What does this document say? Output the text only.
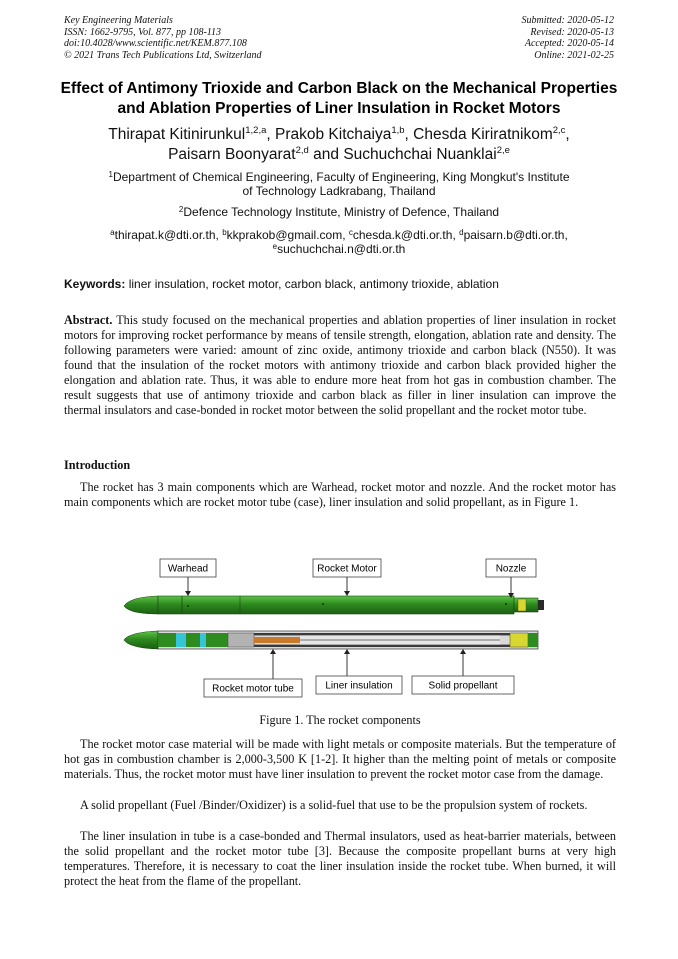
Key Engineering Materials
ISSN: 1662-9795, Vol. 877, pp 108-113
doi:10.4028/www.scientific.net/KEM.877.108
© 2021 Trans Tech Publications Ltd, Switzerland
Submitted: 2020-05-12
Revised: 2020-05-13
Accepted: 2020-05-14
Online: 2021-02-25
Effect of Antimony Trioxide and Carbon Black on the Mechanical Properties and Ablation Properties of Liner Insulation in Rocket Motors
Thirapat Kitinirunkul$^{1,2,a}$, Prakob Kitchaiya$^{1,b}$, Chesda Kiriratnikom$^{2,c}$,
Paisarn Boonyarat$^{2,d}$ and Suchuchchai Nuanklai$^{2,e}$
$^1$Department of Chemical Engineering, Faculty of Engineering, King Mongkut's Institute
of Technology Ladkrabang, Thailand
$^2$Defence Technology Institute, Ministry of Defence, Thailand
$^a$thirapat.k@dti.or.th, $^b$kkprakob@gmail.com, $^c$chesda.k@dti.or.th, $^d$paisarn.b@dti.or.th,
$^e$suchuchchai.n@dti.or.th
Keywords: liner insulation, rocket motor, carbon black, antimony trioxide, ablation

Abstract. This study focused on the mechanical properties and ablation properties of liner insulation in rocket motors for improving rocket performance by means of tensile strength, elongation, ablation rate and density. The following parameters were varied: amount of zinc oxide, antimony trioxide and carbon black (N550). It was found that the insulation of the rocket motors with antimony trioxide and carbon black provided higher the elongation and ablation rate. Thus, it was able to endure more heat from hot gas in combustion chamber. The result suggests that use of antimony trioxide and carbon black as filler in liner insulation can improve the thermal insulators and case-bonded in rocket motor between the solid propellant and the rocket motor tube.

Introduction

The rocket has 3 main components which are Warhead, rocket motor and nozzle. And the rocket motor has main components which are rocket motor tube (case), liner insulation and solid propellant, as in Figure 1.

Warhead	Rocket Motor	Nozzle
Rocket motor tube	Liner insulation	Solid propellant
Figure 1. The rocket components

The rocket motor case material will be made with light metals or composite materials. But the temperature of hot gas in combustion chamber is 2,000-3,500 K [1-2]. It higher than the melting point of metals or composite materials. Thus, the rocket motor must have liner insulation to prevent the rocket motor case from the damage.

A solid propellant (Fuel /Binder/Oxidizer) is a solid-fuel that use to be the propulsion system of rockets.

The liner insulation in tube is a case-bonded and Thermal insulators, used as heat-barrier materials, between the solid propellant and the rocket motor tube [3]. Because the composite propellant burns at very high temperatures. Therefore, it is necessary to coat the liner insulation inside the rocket tube. When burned, it will protect the heat from the flame of the propellant.
